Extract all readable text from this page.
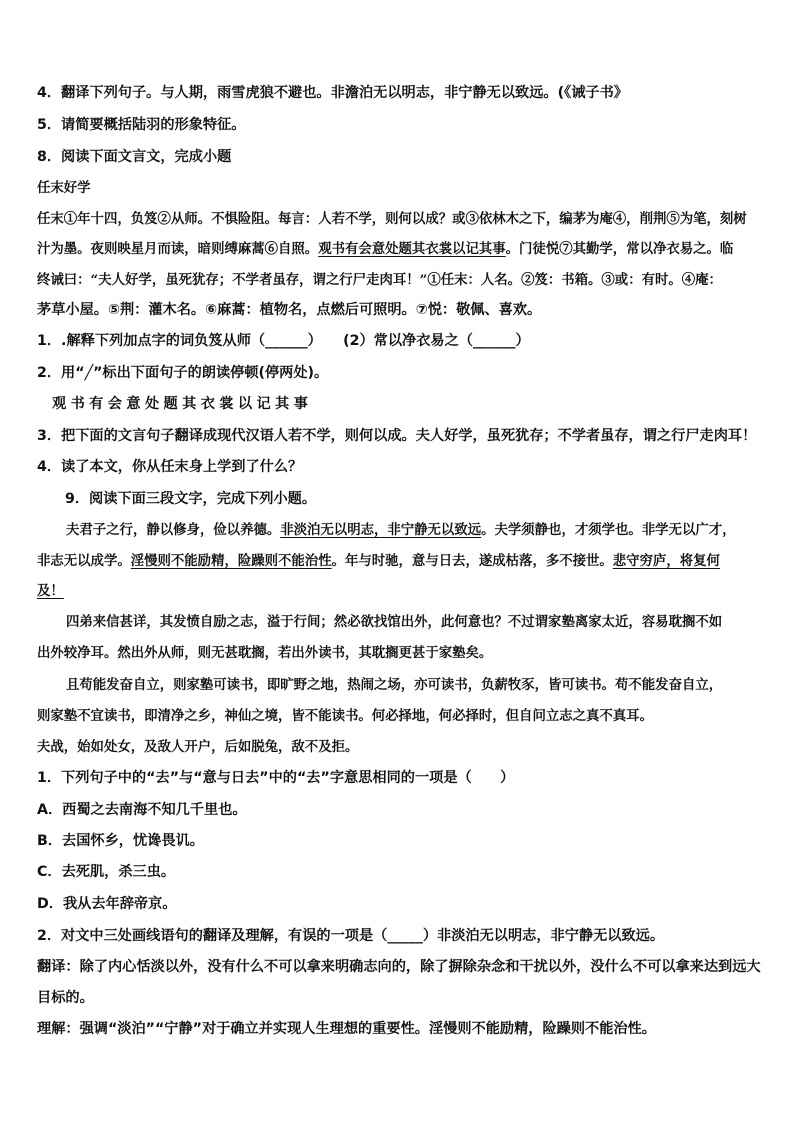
4．翻译下列句子。与人期，雨雪虎狼不避也。非澹泊无以明志，非宁静无以致远。(《诫子书》
5．请简要概括陆羽的形象特征。
8．阅读下面文言文，完成小题
任末好学
任末①年十四，负笈②从师。不惧险阻。每言：人若不学，则何以成？或③依林木之下，编茅为庵④，削荆⑤为笔，刻树
汁为墨。夜则映星月而读，暗则缚麻蒿⑥自照。观书有会意处题其衣裳以记其事。门徒悦⑦其勤学，常以净衣易之。临
终诫曰：“夫人好学，虽死犹存；不学者虽存，谓之行尸走肉耳！”①任末：人名。②笈：书箱。③或：有时。④庵：
茅草小屋。⑤荆：灌木名。⑥麻蒿：植物名，点燃后可照明。⑦悦：敬佩、喜欢。
1．.解释下列加点字的词负笈从师（______）　　(2）常以净衣易之（______）
2．用“╱”标出下面句子的朗读停顿(停两处)。
观书有会意处题其衣裳以记其事
3．把下面的文言句子翻译成现代汉语人若不学，则何以成。夫人好学，虽死犹存；不学者虽存，谓之行尸走肉耳！
4．读了本文，你从任末身上学到了什么？
9．阅读下面三段文字，完成下列小题。
夫君子之行，静以修身，俭以养德。非淡泊无以明志，非宁静无以致远。夫学须静也，才须学也。非学无以广才，
非志无以成学。淫慢则不能励精，险躁则不能治性。年与时驰，意与日去，遂成枯落，多不接世。悲守穷庐，将复何
及！
四弟来信甚详，其发愤自励之志，溢于行间；然必欲找馆出外，此何意也？不过谓家塾离家太近，容易耽搁不如
出外较净耳。然出外从师，则无甚耽搁，若出外读书，其耽搁更甚于家塾矣。
且苟能发奋自立，则家塾可读书，即旷野之地，热闹之场，亦可读书，负薪牧豕，皆可读书。苟不能发奋自立，
则家塾不宜读书，即清净之乡，神仙之境，皆不能读书。何必择地，何必择时，但自问立志之真不真耳。
夫战，始如处女，及敌人开户，后如脱兔，敌不及拒。
1．下列句子中的“去”与“意与日去”中的“去”字意思相同的一项是（　　）
A．西蜀之去南海不知几千里也。
B．去国怀乡，忧谗畏讥。
C．去死肌，杀三虫。
D．我从去年辞帝京。
2．对文中三处画线语句的翻译及理解，有误的一项是（_____）非淡泊无以明志，非宁静无以致远。
翻译：除了内心恬淡以外，没有什么不可以拿来明确志向的，除了摒除杂念和干扰以外，没什么不可以拿来达到远大
目标的。
理解：强调“淡泊”“宁静”对于确立并实现人生理想的重要性。淫慢则不能励精，险躁则不能治性。
